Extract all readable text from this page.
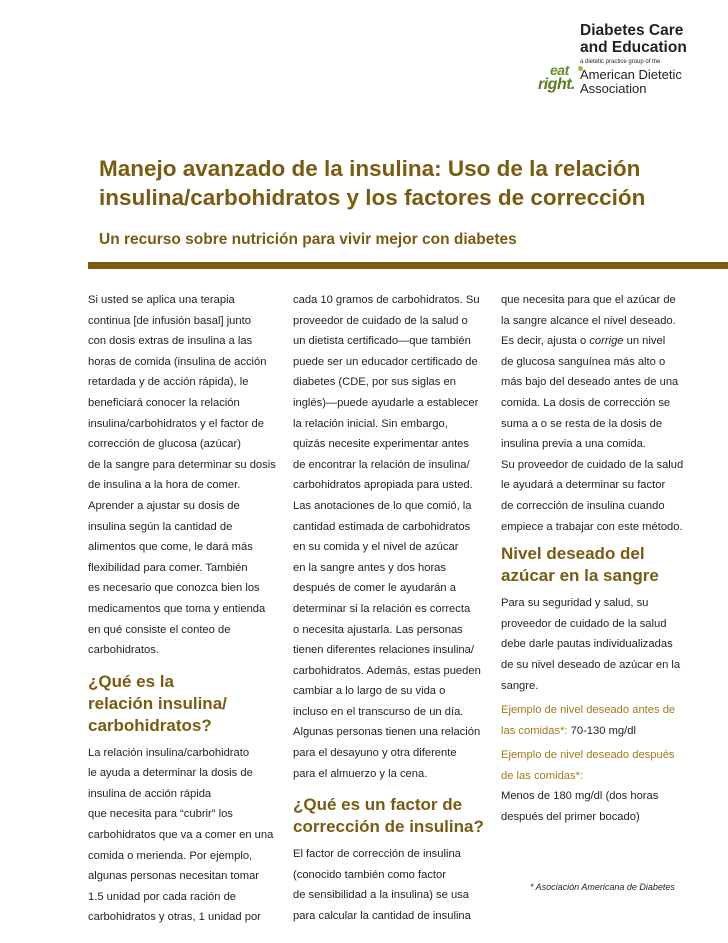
eat
right.
Diabetes Care
and Education
a dietetic practice group of the
American Dietetic
Association
Manejo avanzado de la insulina: Uso de la relación
insulina/carbohidratos y los factores de corrección

Un recurso sobre nutrición para vivir mejor con diabetes

Si usted se aplica una terapia
continua [de infusión basal] junto
con dosis extras de insulina a las
horas de comida (insulina de acción
retardada y de acción rápida), le
beneficiará conocer la relación
insulina/carbohidratos y el factor de
corrección de glucosa (azúcar)
de la sangre para determinar su dosis
de insulina a la hora de comer.
Aprender a ajustar su dosis de
insulina según la cantidad de
alimentos que come, le dará más
flexibilidad para comer. También
es necesario que conozca bien los
medicamentos que toma y entienda
en qué consiste el conteo de
carbohidratos.
¿Qué es la
relación insulina/
carbohidratos?
La relación insulina/carbohidrato
le ayuda a determinar la dosis de
insulina de acción rápida
que necesita para “cubrir” los
carbohidratos que va a comer en una
comida o merienda. Por ejemplo,
algunas personas necesitan tomar
1.5 unidad por cada ración de
carbohidratos y otras, 1 unidad por
cada 10 gramos de carbohidratos. Su
proveedor de cuidado de la salud o
un dietista certificado—que también
puede ser un educador certificado de
diabetes (CDE, por sus siglas en
inglés)—puede ayudarle a establecer
la relación inicial. Sin embargo,
quizás necesite experimentar antes
de encontrar la relación de insulina/
carbohidratos apropiada para usted.
Las anotaciones de lo que comió, la
cantidad estimada de carbohidratos
en su comida y el nivel de azúcar
en la sangre antes y dos horas
después de comer le ayudarán a
determinar si la relación es correcta
o necesita ajustarla. Las personas
tienen diferentes relaciones insulina/
carbohidratos. Además, estas pueden
cambiar a lo largo de su vida o
incluso en el transcurso de un día.
Algunas personas tienen una relación
para el desayuno y otra diferente
para el almuerzo y la cena.
¿Qué es un factor de
corrección de insulina?
El factor de corrección de insulina
(conocido también como factor
de sensibilidad a la insulina) se usa
para calcular la cantidad de insulina
que necesita para que el azúcar de
la sangre alcance el nivel deseado.
Es decir, ajusta o corrige un nivel
de glucosa sanguínea más alto o
más bajo del deseado antes de una
comida. La dosis de corrección se
suma a o se resta de la dosis de
insulina previa a una comida.
Su proveedor de cuidado de la salud
le ayudará a determinar su factor
de corrección de insulina cuando
empiece a trabajar con este método.
Nivel deseado del
azúcar en la sangre
Para su seguridad y salud, su
proveedor de cuidado de la salud
debe darle pautas individualizadas
de su nivel deseado de azúcar en la
sangre.
Ejemplo de nivel deseado antes de
las comidas*: 70-130 mg/dl
Ejemplo de nivel deseado después
de las comidas*:
Menos de 180 mg/dl (dos horas
después del primer bocado)
* Asociación Americana de Diabetes
